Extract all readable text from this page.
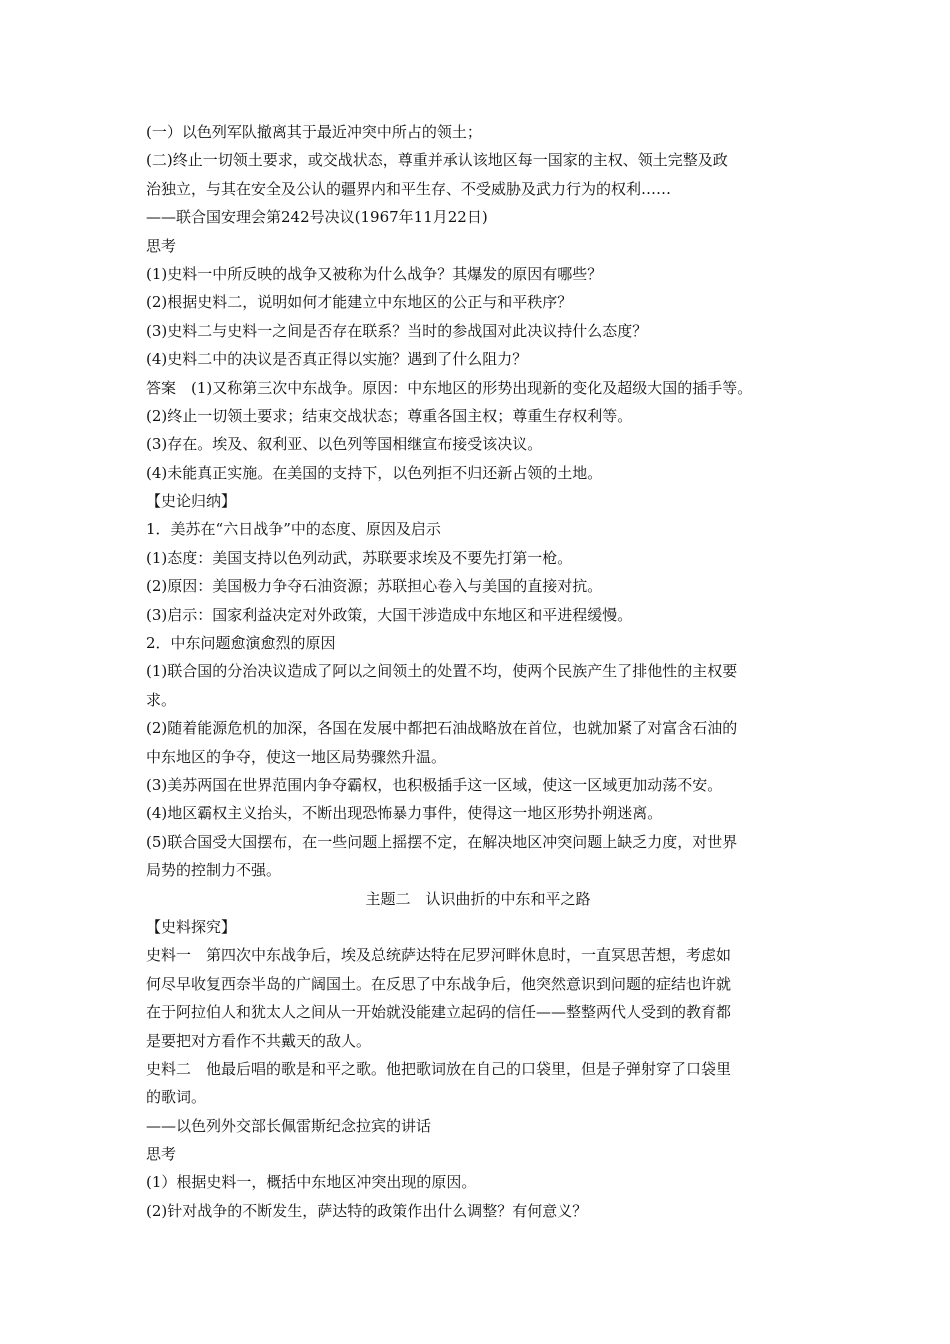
(一）以色列军队撤离其于最近冲突中所占的领土；
(二)终止一切领土要求，或交战状态，尊重并承认该地区每一国家的主权、领土完整及政
治独立，与其在安全及公认的疆界内和平生存、不受威胁及武力行为的权利……
——联合国安理会第242号决议(1967年11月22日)
思考
(1)史料一中所反映的战争又被称为什么战争？其爆发的原因有哪些？
(2)根据史料二，说明如何才能建立中东地区的公正与和平秩序？
(3)史料二与史料一之间是否存在联系？当时的参战国对此决议持什么态度？
(4)史料二中的决议是否真正得以实施？遇到了什么阻力？
答案　(1)又称第三次中东战争。原因：中东地区的形势出现新的变化及超级大国的插手等。
(2)终止一切领土要求；结束交战状态；尊重各国主权；尊重生存权利等。
(3)存在。埃及、叙利亚、以色列等国相继宣布接受该决议。
(4)未能真正实施。在美国的支持下，以色列拒不归还新占领的土地。
【史论归纳】
1．美苏在“六日战争”中的态度、原因及启示
(1)态度：美国支持以色列动武，苏联要求埃及不要先打第一枪。
(2)原因：美国极力争夺石油资源；苏联担心卷入与美国的直接对抗。
(3)启示：国家利益决定对外政策，大国干涉造成中东地区和平进程缓慢。
2．中东问题愈演愈烈的原因
(1)联合国的分治决议造成了阿以之间领土的处置不均，使两个民族产生了排他性的主权要
求。
(2)随着能源危机的加深，各国在发展中都把石油战略放在首位，也就加紧了对富含石油的
中东地区的争夺，使这一地区局势骤然升温。
(3)美苏两国在世界范围内争夺霸权，也积极插手这一区域，使这一区域更加动荡不安。
(4)地区霸权主义抬头，不断出现恐怖暴力事件，使得这一地区形势扑朔迷离。
(5)联合国受大国摆布，在一些问题上摇摆不定，在解决地区冲突问题上缺乏力度，对世界
局势的控制力不强。
主题二　认识曲折的中东和平之路
【史料探究】
史料一　第四次中东战争后，埃及总统萨达特在尼罗河畔休息时，一直冥思苦想，考虑如
何尽早收复西奈半岛的广阔国土。在反思了中东战争后，他突然意识到问题的症结也许就
在于阿拉伯人和犹太人之间从一开始就没能建立起码的信任——整整两代人受到的教育都
是要把对方看作不共戴天的敌人。
史料二　他最后唱的歌是和平之歌。他把歌词放在自己的口袋里，但是子弹射穿了口袋里
的歌词。
——以色列外交部长佩雷斯纪念拉宾的讲话
思考
(1）根据史料一，概括中东地区冲突出现的原因。
(2)针对战争的不断发生，萨达特的政策作出什么调整？有何意义？
